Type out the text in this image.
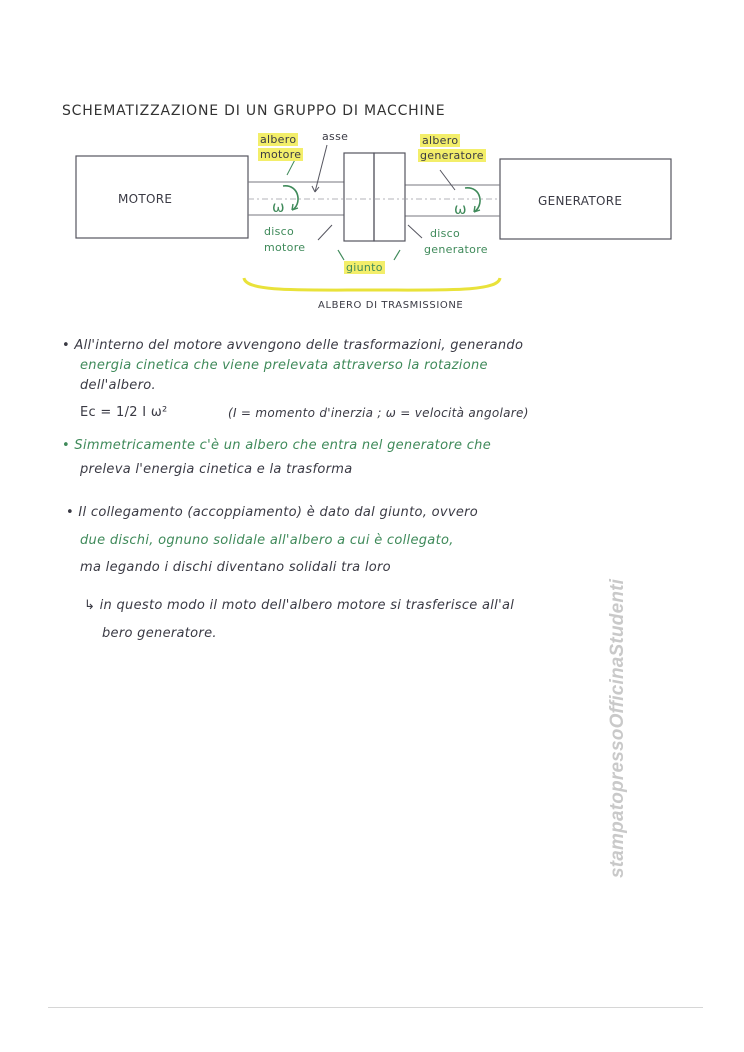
SCHEMATIZZAZIONE DI UN GRUPPO DI MACCHINE
albero
motore
asse	albero
generatore
MOTORE	GENERATORE
ω	ω
disco
motore
giunto
disco
generatore
ALBERO DI TRASMISSIONE
• All'interno del motore avvengono delle trasformazioni, generando
energia cinetica che viene prelevata attraverso la rotazione
dell'albero.
Ec = 1/2 I ω²	(I = momento d'inerzia ; ω = velocità angolare)
• Simmetricamente c'è un albero che entra nel generatore che
preleva l'energia cinetica e la trasforma
• Il collegamento (accoppiamento) è dato dal giunto, ovvero
due dischi, ognuno solidale all'albero a cui è collegato,
ma legando i dischi diventano solidali tra loro
↳ in questo modo il moto dell'albero motore si trasferisce all'al
bero generatore.	stampatopressoOfficinaStudenti
